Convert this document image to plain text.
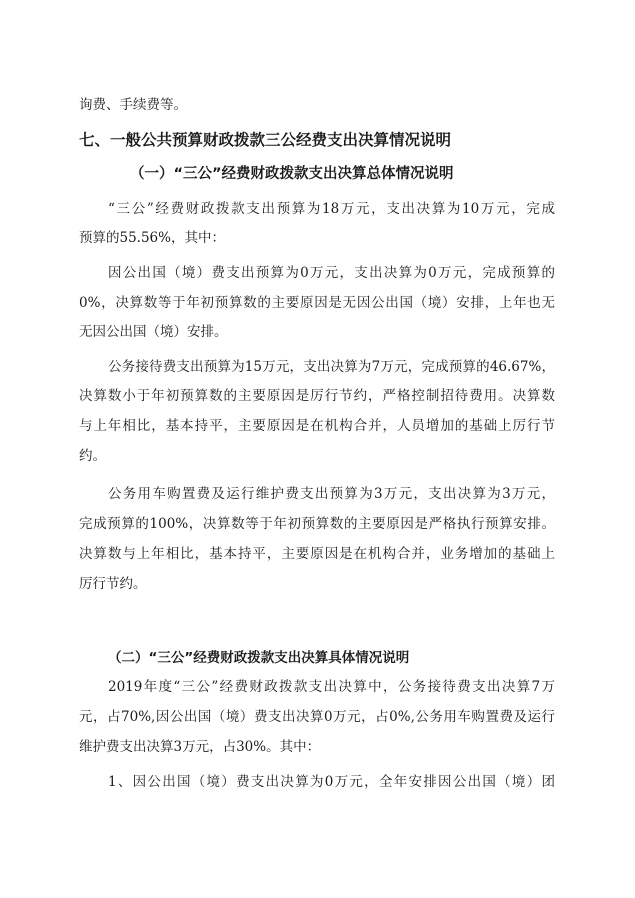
询费、手续费等。
七、一般公共预算财政拨款三公经费支出决算情况说明
（一）“三公”经费财政拨款支出决算总体情况说明
“三公”经费财政拨款支出预算为18万元，支出决算为10万元，完成
预算的55.56%，其中：
因公出国（境）费支出预算为0万元，支出决算为0万元，完成预算的
0%，决算数等于年初预算数的主要原因是无因公出国（境）安排，上年也无
无因公出国（境）安排。
公务接待费支出预算为15万元，支出决算为7万元，完成预算的46.67%，
决算数小于年初预算数的主要原因是厉行节约，严格控制招待费用。决算数
与上年相比，基本持平，主要原因是在机构合并，人员增加的基础上厉行节
约。
公务用车购置费及运行维护费支出预算为3万元，支出决算为3万元，
完成预算的100%，决算数等于年初预算数的主要原因是严格执行预算安排。
决算数与上年相比，基本持平，主要原因是在机构合并，业务增加的基础上
厉行节约。
（二）“三公”经费财政拨款支出决算具体情况说明
2019年度“三公”经费财政拨款支出决算中，公务接待费支出决算7万
元，占70%,因公出国（境）费支出决算0万元，占0%,公务用车购置费及运行
维护费支出决算3万元，占30%。其中：
1、因公出国（境）费支出决算为0万元，全年安排因公出国（境）团
